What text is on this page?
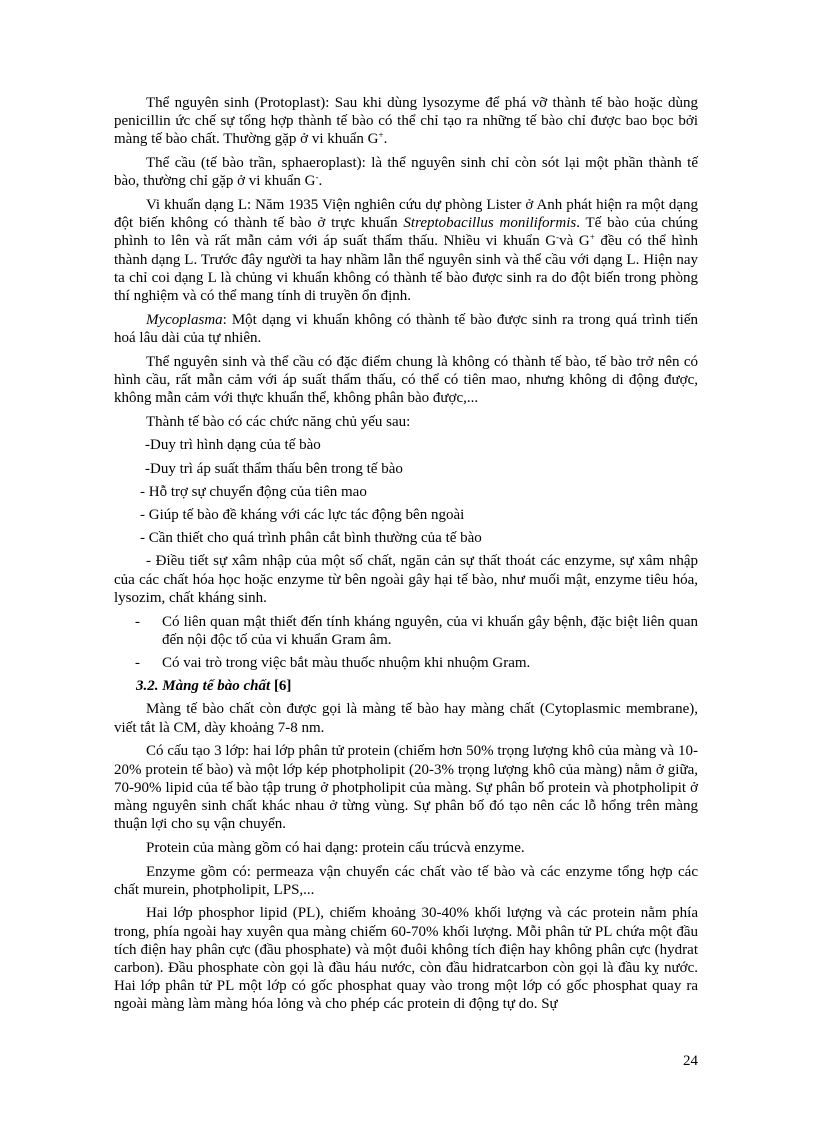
Thể nguyên sinh (Protoplast): Sau khi dùng lysozyme để phá vỡ thành tế bào hoặc dùng penicillin ức chế sự tổng hợp thành tế bào có thể chỉ tạo ra những tế bào chỉ được bao bọc bởi màng tế bào chất. Thường gặp ở vi khuẩn G+.

Thể cầu (tế bào trần, sphaeroplast): là thể nguyên sinh chỉ còn sót lại một phần thành tế bào, thường chỉ gặp ở vi khuẩn G-.

Vi khuẩn dạng L: Năm 1935 Viện nghiên cứu dự phòng Lister ở Anh phát hiện ra một dạng đột biến không có thành tế bào ở trực khuẩn Streptobacillus moniliformis. Tế bào của chúng phình to lên và rất mẫn cảm với áp suất thẩm thấu. Nhiều vi khuẩn G-và G+ đều có thể hình thành dạng L. Trước đây người ta hay nhầm lẫn thể nguyên sinh và thể cầu với dạng L. Hiện nay ta chỉ coi dạng L là chủng vi khuẩn không có thành tế bào được sinh ra do đột biến trong phòng thí nghiệm và có thể mang tính di truyền ổn định.

Mycoplasma: Một dạng vi khuẩn không có thành tế bào được sinh ra trong quá trình tiến hoá lâu dài của tự nhiên.

Thể nguyên sinh và thể cầu có đặc điểm chung là không có thành tế bào, tế bào trở nên có hình cầu, rất mẫn cảm với áp suất thẩm thấu, có thể có tiên mao, nhưng không di động được, không mẫn cảm với thực khuẩn thể, không phân bào được,...

Thành tế bào có các chức năng chủ yếu sau:

-Duy trì hình dạng của tế bào

-Duy trì áp suất thẩm thấu bên trong tế bào

- Hỗ trợ sự chuyển động của tiên mao

- Giúp tế bào đề kháng với các lực tác động bên ngoài

- Cần thiết cho quá trình phân cắt bình thường của tế bào

- Điều tiết sự xâm nhập của một số chất, ngăn cản sự thất thoát các enzyme, sự xâm nhập của các chất hóa học hoặc enzyme từ bên ngoài gây hại tế bào, như muối mật, enzyme tiêu hóa, lysozim, chất kháng sinh.

- Có liên quan mật thiết đến tính kháng nguyên, của vi khuẩn gây bệnh, đặc biệt liên quan đến nội độc tố của vi khuẩn Gram âm.
- Có vai trò trong việc bắt màu thuốc nhuộm khi nhuộm Gram.

3.2. Màng tế bào chất [6]

Màng tế bào chất còn được gọi là màng tế bào hay màng chất (Cytoplasmic membrane), viết tắt là CM, dày khoảng 7-8 nm.

Có cấu tạo 3 lớp: hai lớp phân tử protein (chiếm hơn 50% trọng lượng khô của màng và 10-20% protein tế bào) và một lớp kép photpholipit (20-3% trọng lượng khô của màng) nằm ở giữa, 70-90% lipid của tế bào tập trung ở photpholipit của màng. Sự phân bố protein và photpholipit ở màng nguyên sinh chất khác nhau ở từng vùng. Sự phân bố đó tạo nên các lỗ hổng trên màng thuận lợi cho sụ vận chuyển.

Protein của màng gồm có hai dạng: protein cấu trúcvà enzyme.

Enzyme gồm có: permeaza vận chuyển các chất vào tế bào và các enzyme tổng hợp các chất murein, photpholipit, LPS,...

Hai lớp phosphor lipid (PL), chiếm khoảng 30-40% khối lượng và các protein nằm phía trong, phía ngoài hay xuyên qua màng chiếm 60-70% khối lượng. Mỗi phân tử PL chứa một đầu tích điện hay phân cực (đầu phosphate) và một đuôi không tích điện hay không phân cực (hydrat carbon). Đầu phosphate còn gọi là đầu háu nước, còn đầu hidratcarbon còn gọi là đầu kỵ nước. Hai lớp phân tử PL một lớp có gốc phosphat quay vào trong một lớp có gốc phosphat quay ra ngoài màng làm màng hóa lỏng và cho phép các protein di động tự do. Sự

24
